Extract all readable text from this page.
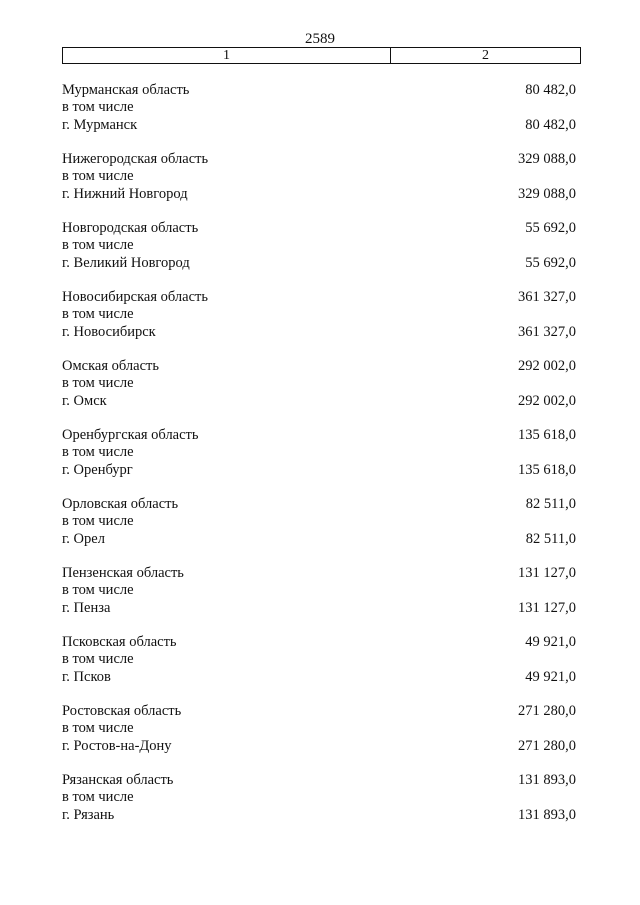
2589
1	2
Мурманская область	80 482,0
в том числе
г. Мурманск	80 482,0
Нижегородская область	329 088,0
в том числе
г. Нижний Новгород	329 088,0
Новгородская область	55 692,0
в том числе
г. Великий Новгород	55 692,0
Новосибирская область	361 327,0
в том числе
г. Новосибирск	361 327,0
Омская область	292 002,0
в том числе
г. Омск	292 002,0
Оренбургская область	135 618,0
в том числе
г. Оренбург	135 618,0
Орловская область	82 511,0
в том числе
г. Орел	82 511,0
Пензенская область	131 127,0
в том числе
г. Пенза	131 127,0
Псковская область	49 921,0
в том числе
г. Псков	49 921,0
Ростовская область	271 280,0
в том числе
г. Ростов-на-Дону	271 280,0
Рязанская область	131 893,0
в том числе
г. Рязань	131 893,0
